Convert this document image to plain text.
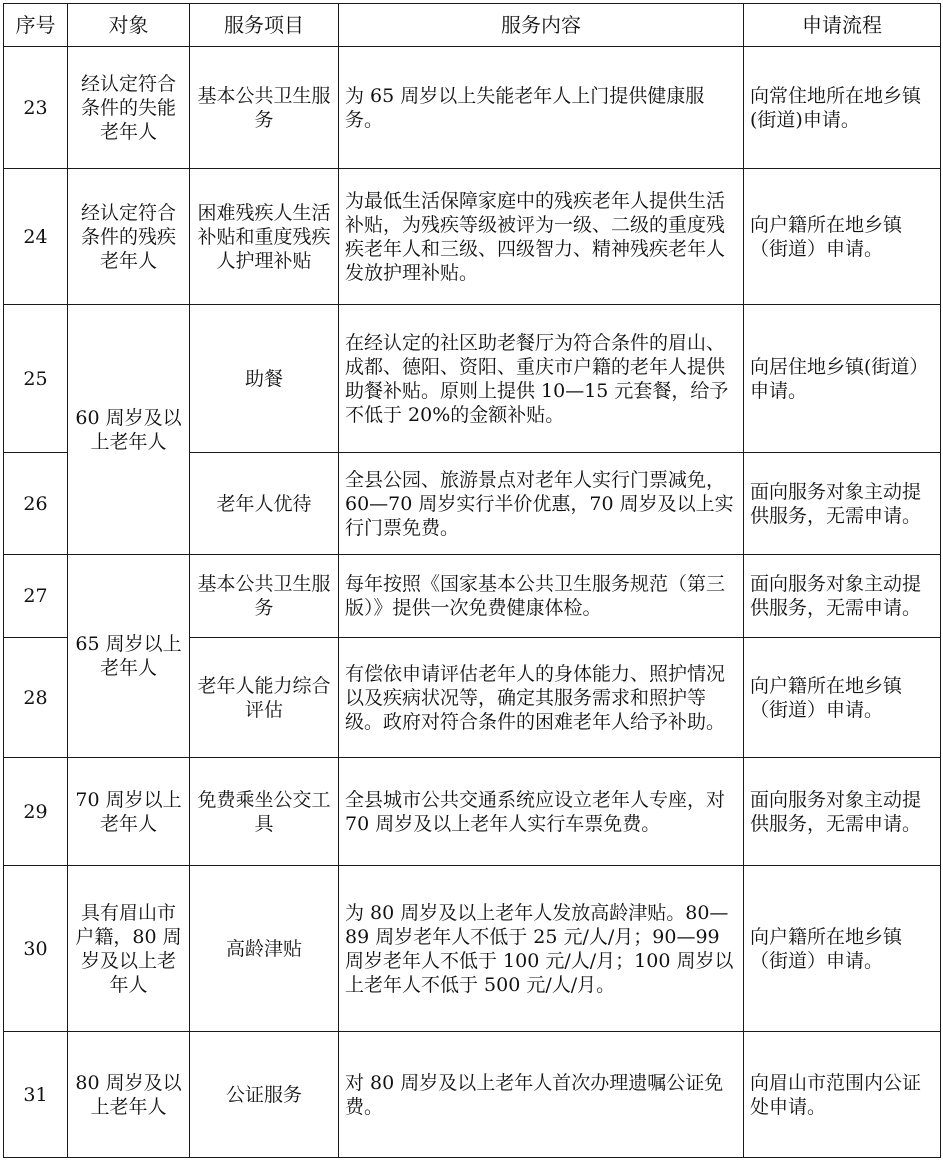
序号	对象	服务项目	服务内容	申请流程
23	经认定符合条件的失能老年人	基本公共卫生服务	为 65 周岁以上失能老年人上门提供健康服务。	向常住地所在地乡镇(街道)申请。
24	经认定符合条件的残疾老年人	困难残疾人生活补贴和重度残疾人护理补贴	为最低生活保障家庭中的残疾老年人提供生活补贴，为残疾等级被评为一级、二级的重度残疾老年人和三级、四级智力、精神残疾老年人发放护理补贴。	向户籍所在地乡镇（街道）申请。
25	60 周岁及以上老年人	助餐	在经认定的社区助老餐厅为符合条件的眉山、成都、德阳、资阳、重庆市户籍的老年人提供助餐补贴。原则上提供 10—15 元套餐，给予不低于 20%的金额补贴。	向居住地乡镇(街道）申请。
26		老年人优待	全县公园、旅游景点对老年人实行门票减免，60—70 周岁实行半价优惠，70 周岁及以上实行门票免费。	面向服务对象主动提供服务，无需申请。
27	65 周岁以上老年人	基本公共卫生服务	每年按照《国家基本公共卫生服务规范（第三版）》提供一次免费健康体检。	面向服务对象主动提供服务，无需申请。
28		老年人能力综合评估	有偿依申请评估老年人的身体能力、照护情况以及疾病状况等，确定其服务需求和照护等级。政府对符合条件的困难老年人给予补助。	向户籍所在地乡镇（街道）申请。
29	70 周岁以上老年人	免费乘坐公交工具	全县城市公共交通系统应设立老年人专座，对 70 周岁及以上老年人实行车票免费。	面向服务对象主动提供服务，无需申请。
30	具有眉山市户籍，80 周岁及以上老年人	高龄津贴	为 80 周岁及以上老年人发放高龄津贴。80—89 周岁老年人不低于 25 元/人/月；90—99 周岁老年人不低于 100 元/人/月；100 周岁以上老年人不低于 500 元/人/月。	向户籍所在地乡镇（街道）申请。
31	80 周岁及以上老年人	公证服务	对 80 周岁及以上老年人首次办理遗嘱公证免费。	向眉山市范围内公证处申请。
